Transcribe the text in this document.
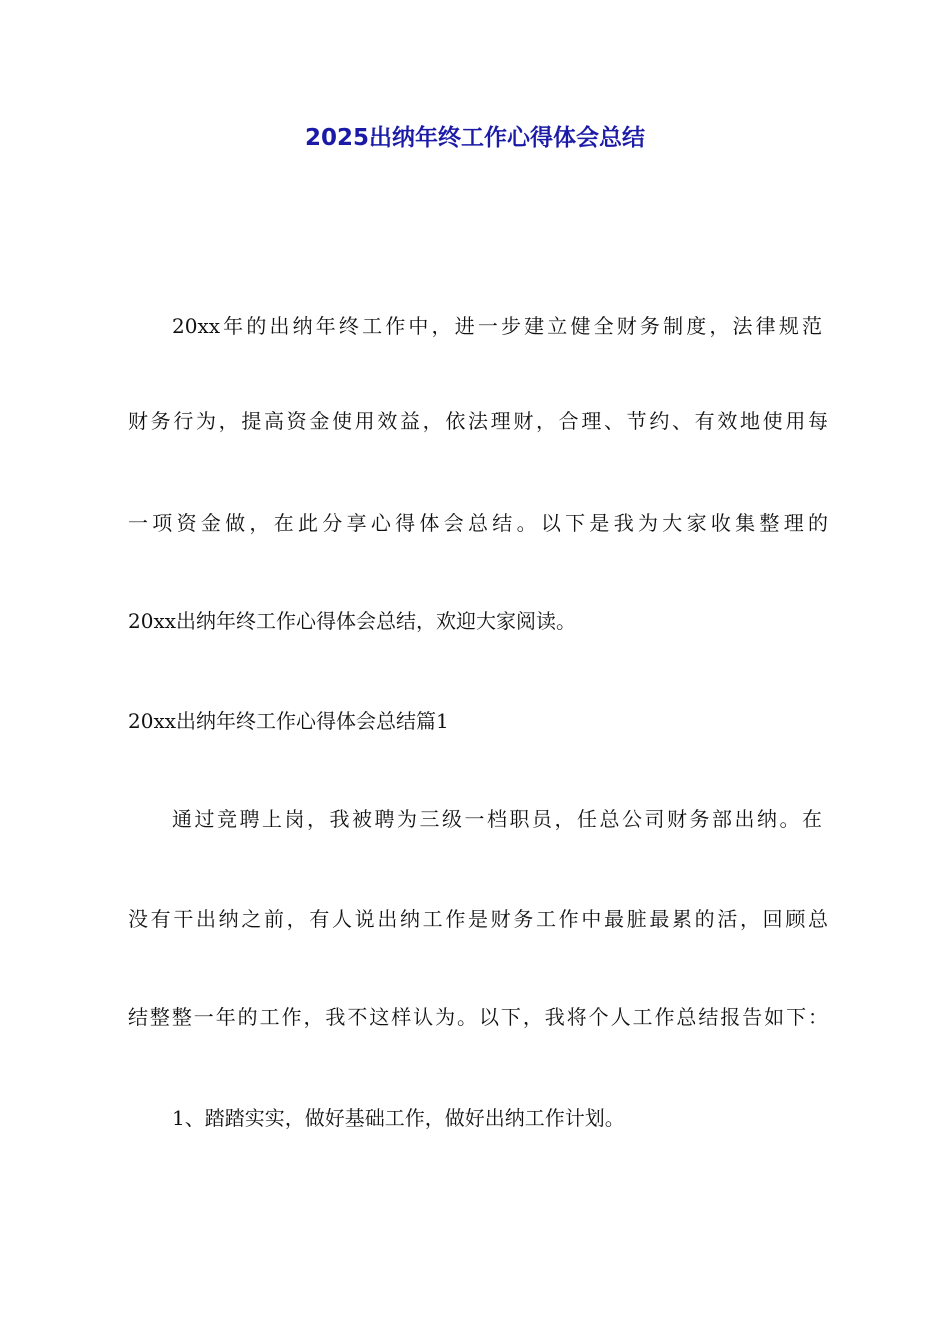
2025出纳年终工作心得体会总结
20xx年的出纳年终工作中，进一步建立健全财务制度，法律规范
财务行为，提高资金使用效益，依法理财，合理、节约、有效地使用每
一项资金做，在此分享心得体会总结。以下是我为大家收集整理的
20xx出纳年终工作心得体会总结，欢迎大家阅读。
20xx出纳年终工作心得体会总结篇1
通过竞聘上岗，我被聘为三级一档职员，任总公司财务部出纳。在
没有干出纳之前，有人说出纳工作是财务工作中最脏最累的活，回顾总
结整整一年的工作，我不这样认为。以下，我将个人工作总结报告如下：
1、踏踏实实，做好基础工作，做好出纳工作计划。
